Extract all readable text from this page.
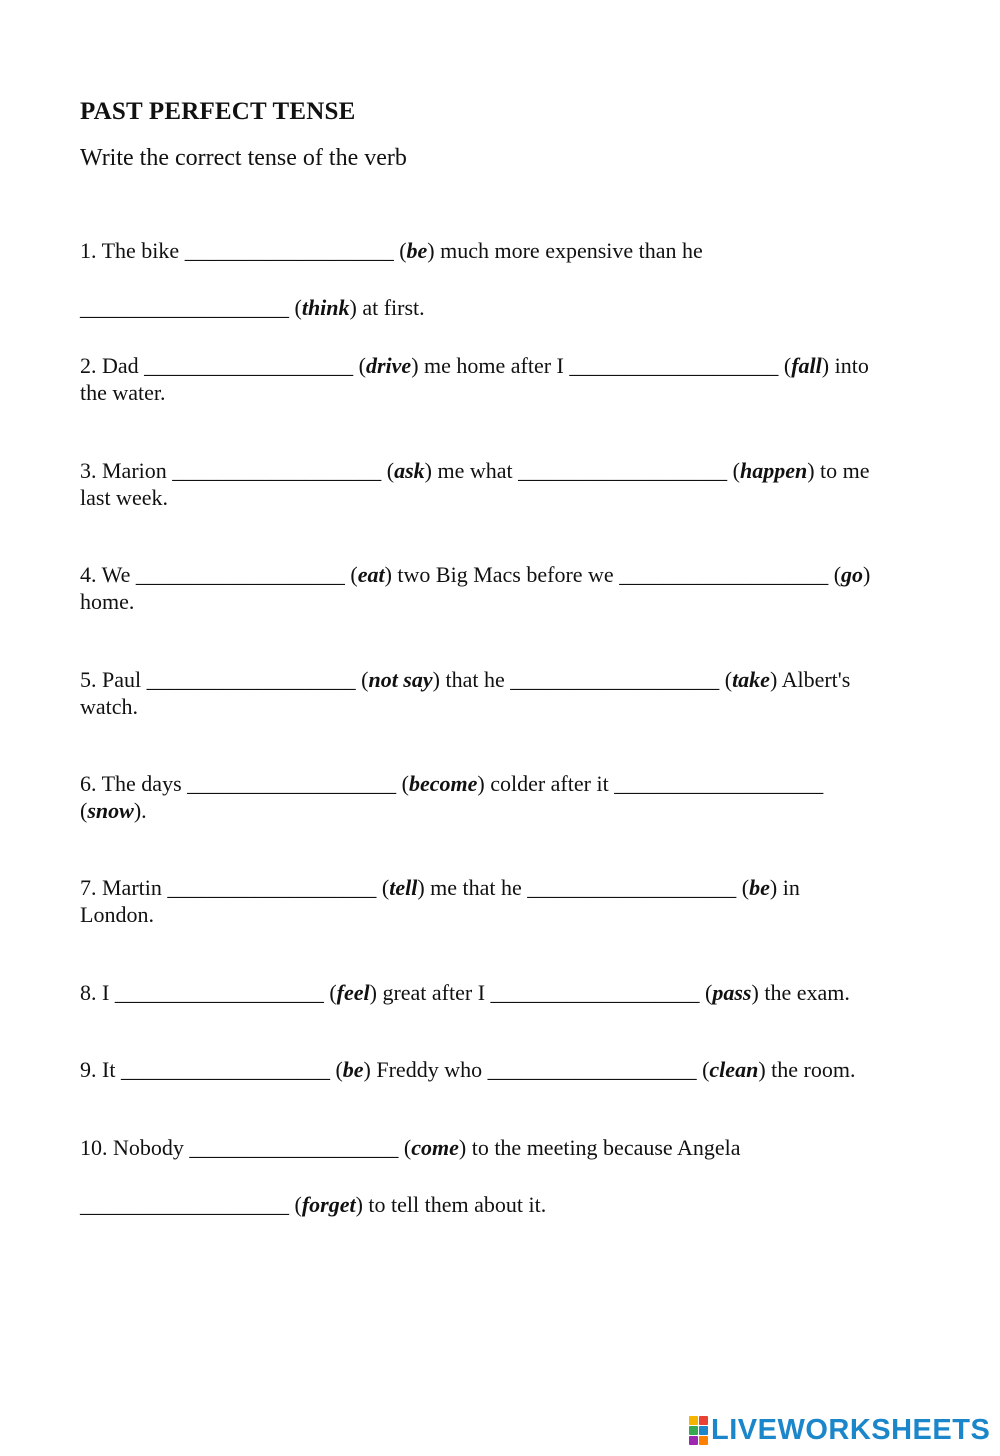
PAST PERFECT TENSE
Write the correct tense of the verb
1. The bike ___________________ (be) much more expensive than he
___________________ (think) at first.
2. Dad ___________________ (drive) me home after I ___________________ (fall) into
the water.
3. Marion ___________________ (ask) me what ___________________ (happen) to me
last week.
4. We ___________________ (eat) two Big Macs before we ___________________ (go)
home.
5. Paul ___________________ (not say) that he ___________________ (take) Albert's
watch.
6. The days ___________________ (become) colder after it ___________________
(snow).
7. Martin ___________________ (tell) me that he ___________________ (be) in
London.
8. I ___________________ (feel) great after I ___________________ (pass) the exam.
9. It ___________________ (be) Freddy who ___________________ (clean) the room.
10. Nobody ___________________ (come) to the meeting because Angela
___________________ (forget) to tell them about it.
LIVEWORKSHEETS
